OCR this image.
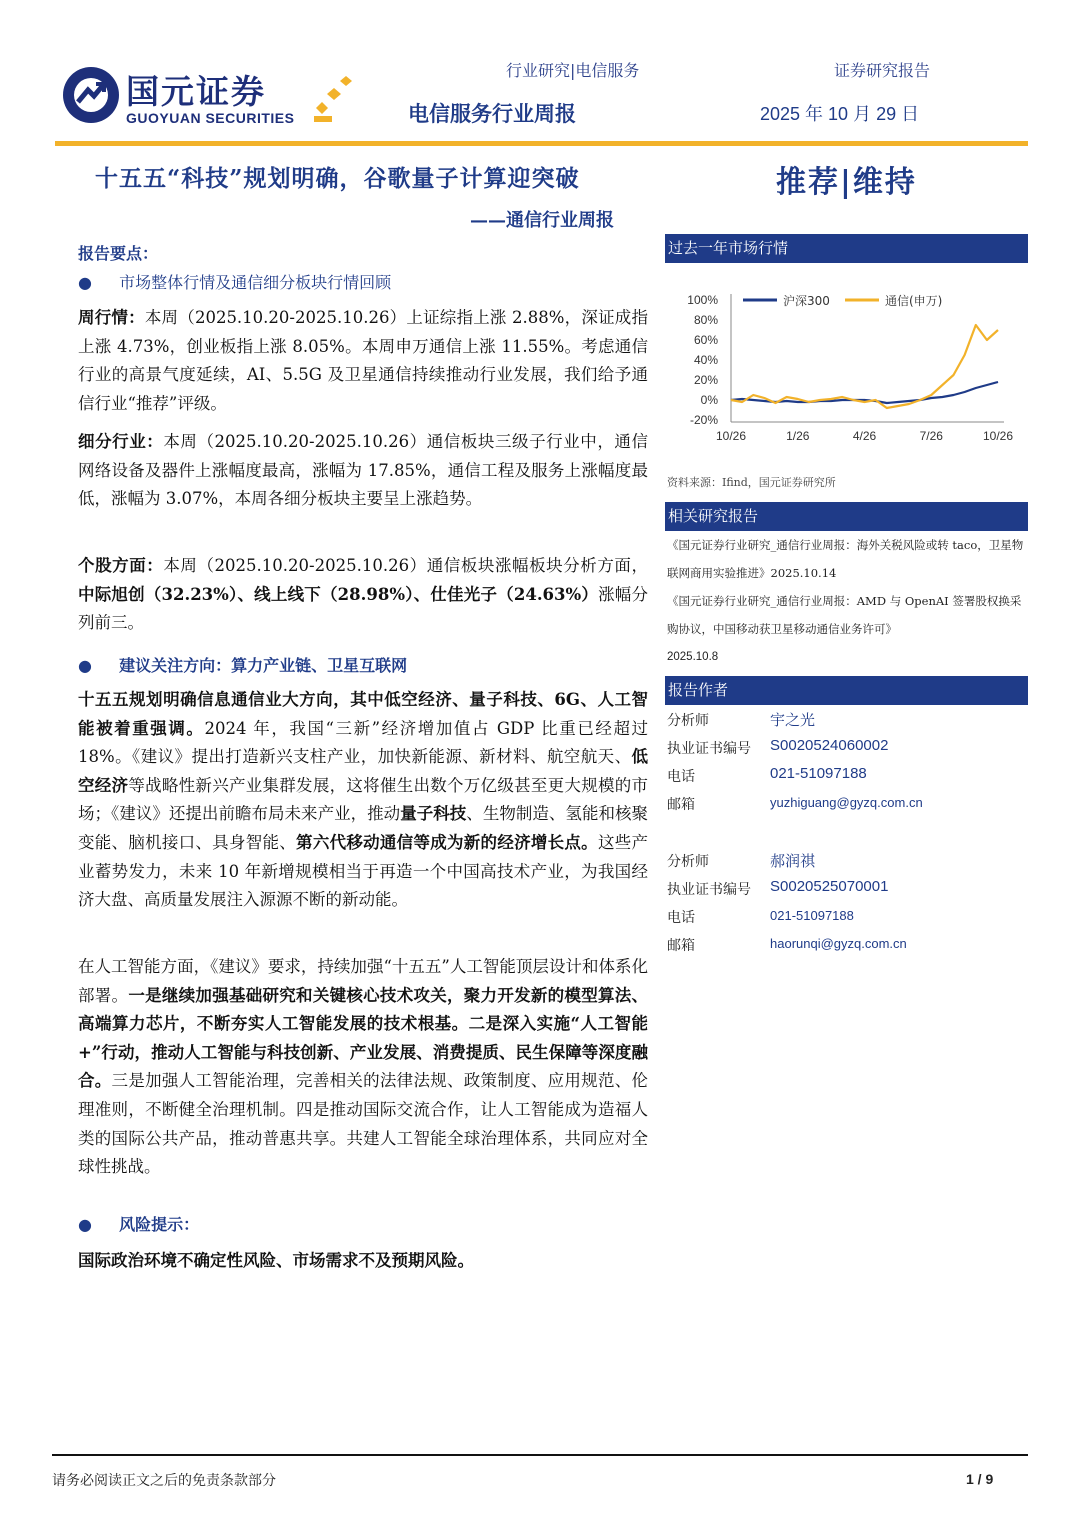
国元证券
GUOYUAN SECURITIES
行业研究|电信服务	证券研究报告
电信服务行业周报	2025 年 10 月 29 日
十五五“科技”规划明确，谷歌量子计算迎突破
——通信行业周报
推荐|维持
报告要点：
● 市场整体行情及通信细分板块行情回顾
周行情：本周（2025.10.20-2025.10.26）上证综指上涨 2.88%，深证成指上涨 4.73%，创业板指上涨 8.05%。本周申万通信上涨 11.55%。考虑通信行业的高景气度延续，AI、5.5G 及卫星通信持续推动行业发展，我们给予通信行业“推荐”评级。
细分行业：本周（2025.10.20-2025.10.26）通信板块三级子行业中，通信网络设备及器件上涨幅度最高，涨幅为 17.85%，通信工程及服务上涨幅度最低，涨幅为 3.07%，本周各细分板块主要呈上涨趋势。
个股方面：本周（2025.10.20-2025.10.26）通信板块涨幅板块分析方面，中际旭创（32.23%）、线上线下（28.98%）、仕佳光子（24.63%）涨幅分列前三。
● 建议关注方向：算力产业链、卫星互联网
十五五规划明确信息通信业大方向，其中低空经济、量子科技、6G、人工智能被着重强调。2024 年，我国“三新”经济增加值占 GDP 比重已经超过 18%。《建议》提出打造新兴支柱产业，加快新能源、新材料、航空航天、低空经济等战略性新兴产业集群发展，这将催生出数个万亿级甚至更大规模的市场；《建议》还提出前瞻布局未来产业，推动量子科技、生物制造、氢能和核聚变能、脑机接口、具身智能、第六代移动通信等成为新的经济增长点。这些产业蓄势发力，未来 10 年新增规模相当于再造一个中国高技术产业，为我国经济大盘、高质量发展注入源源不断的新动能。
在人工智能方面，《建议》要求，持续加强“十五五”人工智能顶层设计和体系化部署。一是继续加强基础研究和关键核心技术攻关，聚力开发新的模型算法、高端算力芯片，不断夯实人工智能发展的技术根基。二是深入实施“人工智能+”行动，推动人工智能与科技创新、产业发展、消费提质、民生保障等深度融合。三是加强人工智能治理，完善相关的法律法规、政策制度、应用规范、伦理准则，不断健全治理机制。四是推动国际交流合作，让人工智能成为造福人类的国际公共产品，推动普惠共享。共建人工智能全球治理体系，共同应对全球性挑战。
● 风险提示：
国际政治环境不确定性风险、市场需求不及预期风险。
过去一年市场行情
100%
80%
60%
40%
20%
0%
-20%
10/26	1/26	4/26	7/26	10/26
沪深300	通信(申万)
资料来源：Ifind，国元证券研究所
相关研究报告
《国元证券行业研究_通信行业周报：海外关税风险或转 taco，卫星物联网商用实验推进》2025.10.14
《国元证券行业研究_通信行业周报：AMD 与 OpenAI 签署股权换采购协议，中国移动获卫星移动通信业务许可》
2025.10.8
报告作者
分析师	宇之光
执业证书编号 S0020524060002
电话	021-51097188
邮箱	yuzhiguang@gyzq.com.cn
分析师	郝润祺
执业证书编号 S0020525070001
电话	021-51097188
邮箱	haorunqi@gyzq.com.cn
请务必阅读正文之后的免责条款部分	1 / 9
